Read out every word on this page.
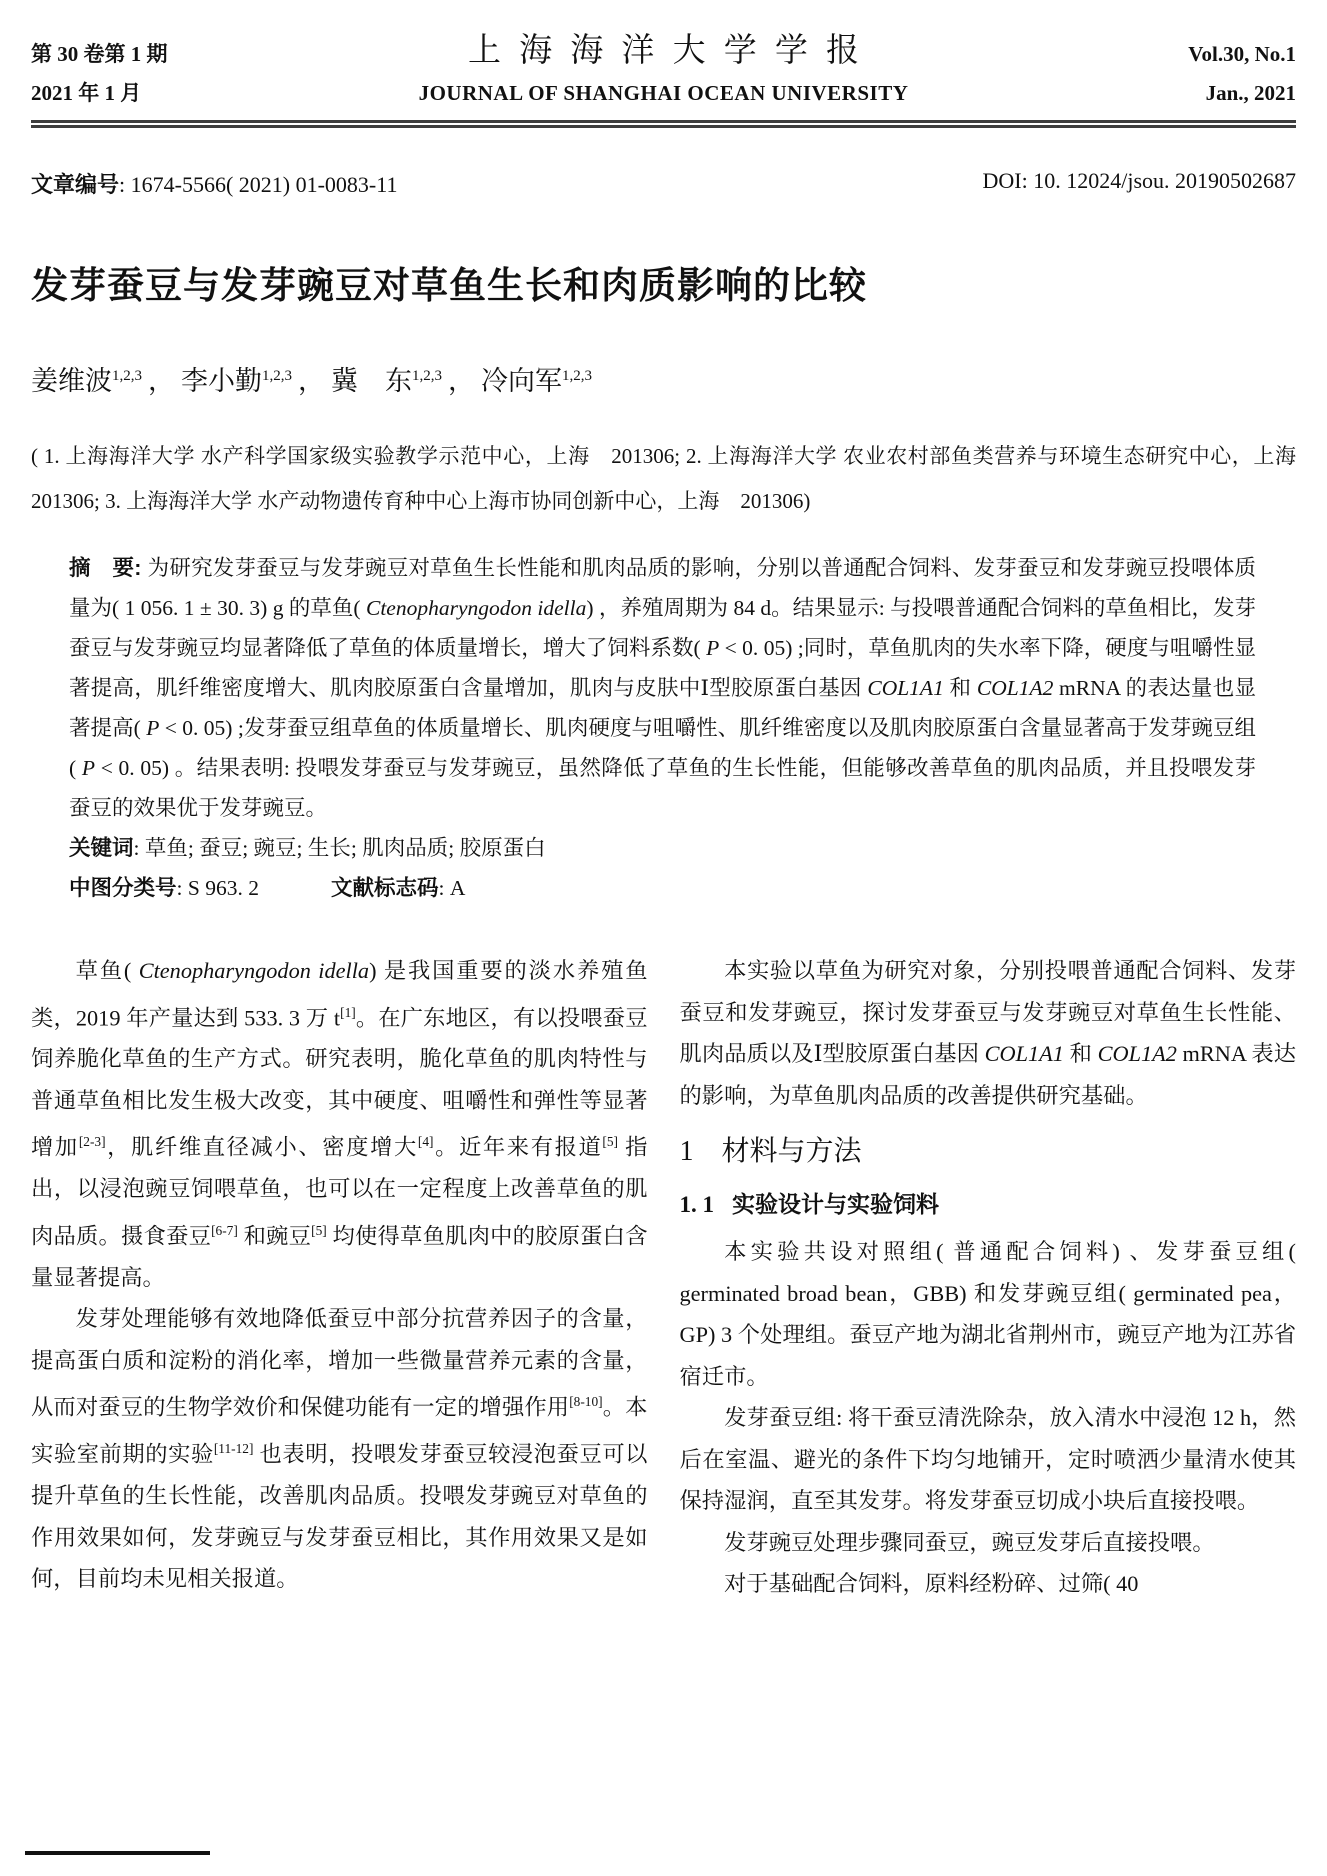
第 30 卷第 1 期	上海海洋大学学报	Vol.30, No.1
2021 年 1 月	JOURNAL OF SHANGHAI OCEAN UNIVERSITY	Jan., 2021
文章编号: 1674-5566( 2021) 01-0083-11	DOI: 10. 12024/jsou. 20190502687
发芽蚕豆与发芽豌豆对草鱼生长和肉质影响的比较
姜维波$^{1,2,3}$ ， 李小勤$^{1,2,3}$ ， 冀　东$^{1,2,3}$ ， 冷向军$^{1,2,3}$

( 1. 上海海洋大学 水产科学国家级实验教学示范中心，上海　201306; 2. 上海海洋大学 农业农村部鱼类营养与环境生态研究中心，上海　201306; 3. 上海海洋大学 水产动物遗传育种中心上海市协同创新中心，上海　201306)

摘　要: 为研究发芽蚕豆与发芽豌豆对草鱼生长性能和肌肉品质的影响，分别以普通配合饲料、发芽蚕豆和发芽豌豆投喂体质量为( 1 056. 1 ± 30. 3) g 的草鱼( Ctenopharyngodon idella) ，养殖周期为 84 d。结果显示: 与投喂普通配合饲料的草鱼相比，发芽蚕豆与发芽豌豆均显著降低了草鱼的体质量增长，增大了饲料系数( P < 0. 05) ;同时，草鱼肌肉的失水率下降，硬度与咀嚼性显著提高，肌纤维密度增大、肌肉胶原蛋白含量增加，肌肉与皮肤中Ⅰ型胶原蛋白基因 COL1A1 和 COL1A2 mRNA 的表达量也显著提高( P < 0. 05) ;发芽蚕豆组草鱼的体质量增长、肌肉硬度与咀嚼性、肌纤维密度以及肌肉胶原蛋白含量显著高于发芽豌豆组( P < 0. 05) 。结果表明: 投喂发芽蚕豆与发芽豌豆，虽然降低了草鱼的生长性能，但能够改善草鱼的肌肉品质，并且投喂发芽蚕豆的效果优于发芽豌豆。

关键词: 草鱼; 蚕豆; 豌豆; 生长; 肌肉品质; 胶原蛋白

中图分类号: S 963. 2	文献标志码: A

草鱼( Ctenopharyngodon idella) 是我国重要的淡水养殖鱼类，2019 年产量达到 533. 3 万 t[1]。在广东地区，有以投喂蚕豆饲养脆化草鱼的生产方式。研究表明，脆化草鱼的肌肉特性与普通草鱼相比发生极大改变，其中硬度、咀嚼性和弹性等显著增加[2-3]，肌纤维直径减小、密度增大[4]。近年来有报道[5] 指出，以浸泡豌豆饲喂草鱼，也可以在一定程度上改善草鱼的肌肉品质。摄食蚕豆[6-7] 和豌豆[5] 均使得草鱼肌肉中的胶原蛋白含量显著提高。

发芽处理能够有效地降低蚕豆中部分抗营养因子的含量，提高蛋白质和淀粉的消化率，增加一些微量营养元素的含量，从而对蚕豆的生物学效价和保健功能有一定的增强作用[8-10]。本实验室前期的实验[11-12] 也表明，投喂发芽蚕豆较浸泡蚕豆可以提升草鱼的生长性能，改善肌肉品质。投喂发芽豌豆对草鱼的作用效果如何，发芽豌豆与发芽蚕豆相比，其作用效果又是如何，目前均未见相关报道。

本实验以草鱼为研究对象，分别投喂普通配合饲料、发芽蚕豆和发芽豌豆，探讨发芽蚕豆与发芽豌豆对草鱼生长性能、肌肉品质以及Ⅰ型胶原蛋白基因 COL1A1 和 COL1A2 mRNA 表达的影响，为草鱼肌肉品质的改善提供研究基础。

1　材料与方法
1. 1 实验设计与实验饲料

本实验共设对照组( 普通配合饲料) 、发芽蚕豆组( germinated broad bean，GBB) 和发芽豌豆组( germinated pea，GP) 3 个处理组。蚕豆产地为湖北省荆州市，豌豆产地为江苏省宿迁市。

发芽蚕豆组: 将干蚕豆清洗除杂，放入清水中浸泡 12 h，然后在室温、避光的条件下均匀地铺开，定时喷洒少量清水使其保持湿润，直至其发芽。将发芽蚕豆切成小块后直接投喂。

发芽豌豆处理步骤同蚕豆，豌豆发芽后直接投喂。

对于基础配合饲料，原料经粉碎、过筛( 40
